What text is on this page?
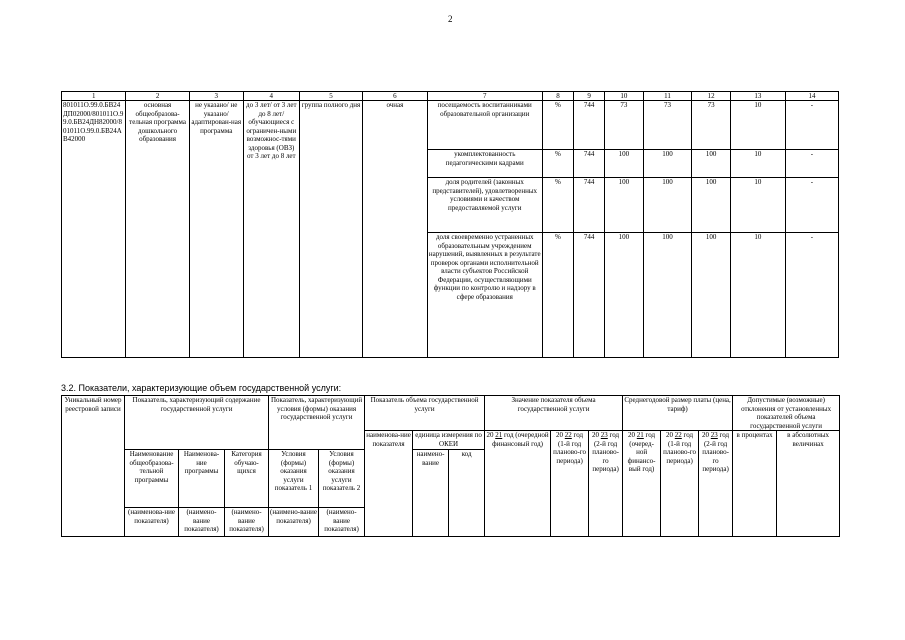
2
1	2	3	4	5	6	7	8	9	10	11	12	13	14
801011О.99.0.БВ24ДП02000/801011О.99.0.БВ24ДН82000/801011О.99.0.БВ24АВ42000	основная общеобразова-тельная программа дошкольного образования	не указано/ не указано/ адаптирован-ная программа	до 3 лет/ от 3 лет до 8 лет/ обучающиеся с ограничен-ными возможнос-тями здоровья (ОВЗ) от 3 лет до 8 лет	группа полного дня	очная	посещаемость воспитанниками образовательной организации	%	744	73	73	73	10	-
						укомплектованность педагогическими кадрами	%	744	100	100	100	10	-
						доля родителей (законных представителей), удовлетворенных условиями и качеством предоставляемой услуги	%	744	100	100	100	10	-
						доля своевременно устраненных образовательным учреждением нарушений, выявленных в результате проверок органами исполнительной власти субъектов Российской Федерации, осуществляющими функции по контролю и надзору в сфере образования	%	744	100	100	100	10	-
3.2. Показатели, характеризующие объем государственной услуги:
Уникальный номер реестровой записи	Показатель, характеризующий содержание государственной услуги			Показатель, характеризующий условия (формы) оказания государственной услуги		Показатель объема государственной услуги			Значение показателя объема государственной услуги			Среднегодовой размер платы (цена, тариф)			Допустимые (возможные) отклонения от установленных показателей объема государственной услуги	
						наименова-ние показателя	единица измерения по ОКЕИ		20 21 год (очередной финансовый год)	20 22 год (1-й год планово-го периода)	20 23 год (2-й год планово-го периода)	20 21 год (очеред-ной финансо-вый год)	20 22 год (1-й год планово-го периода)	20 23 год (2-й год планово-го периода)	в процентах	в абсолютных величинах
	Наименование общеобразова-тельной программы	Наименова-ние программы	Категория обучаю-щихся	Условия (формы) оказания услуги показатель 1	Условия (формы) оказания услуги показатель 2		наимено-вание	код								
	(наименова-ние показателя)	(наимено-вание показателя)	(наимено-вание показателя)	(наимено-вание показателя)	(наимено-вание показателя)											
